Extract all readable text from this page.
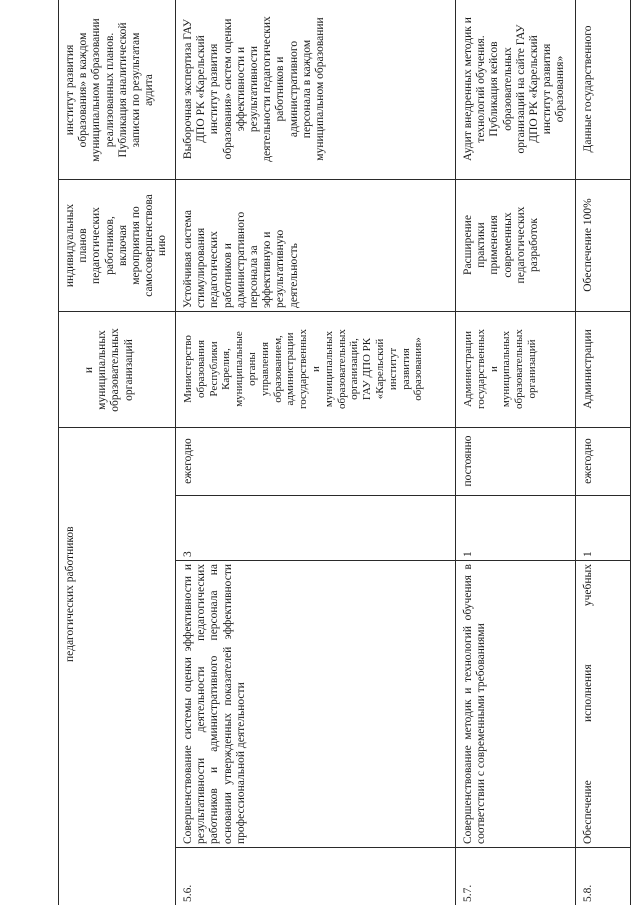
педагогических работников
и
муниципальных
образовательных
организаций
индивидуальных
планов
педагогических
работников,
включая
мероприятия по
самосовершенствова
нию
институт развития
образования» в каждом
муниципальном образовании
реализованных планов.
Публикация аналитической
записки по результатам
аудита
5.6.
Совершенствование системы оценки эффективности и результативности деятельности педагогических работников и административного персонала на основании утвержденных показателей эффективности профессиональной деятельности
3
ежегодно
Министерство
образования
Республики
Карелия,
муниципальные
органы
управления
образованием,
администрации
государственных
и
муниципальных
образовательных
организаций,
ГАУ ДПО РК
«Карельский
институт
развития
образования»
Устойчивая система
стимулирования
педагогических
работников и
административного
персонала за
эффективную и
результативную
деятельность
Выборочная экспертиза ГАУ
ДПО РК «Карельский
институт развития
образования» систем оценки
эффективности и
результативности
деятельности педагогических
работников и
административного
персонала в каждом
муниципальном образовании
5.7.
Совершенствование методик и технологий обучения в соответствии с современными требованиями
1
постоянно
Администрации
государственных
и
муниципальных
образовательных
организаций
Расширение
практики
применения
современных
педагогических
разработок
Аудит внедренных методик и
технологий обучения.
Публикация кейсов
образовательных
организаций на сайте ГАУ
ДПО РК «Карельский
институт развития
образования»
5.8.
Обеспечение исполнения учебных
1
ежегодно
Администрации
Обеспечение 100%
Данные государственного
